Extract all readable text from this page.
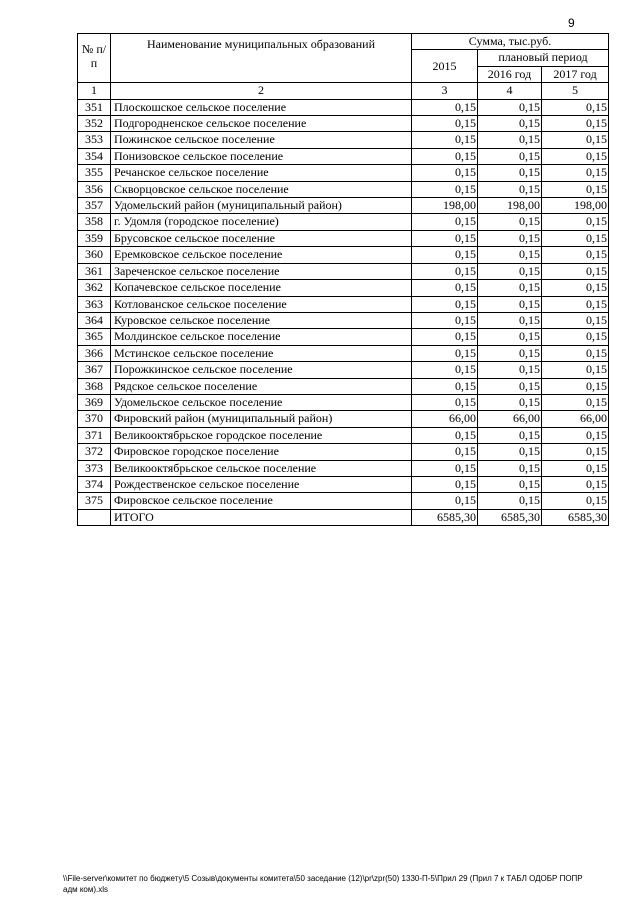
9
№ п/п	Наименование муниципальных образований	Сумма, тыс.руб.		
		2015	плановый период	
			2016 год	2017 год
1	2	3	4	5
351	Плоскошское сельское поселение	0,15	0,15	0,15
352	Подгородненское сельское поселение	0,15	0,15	0,15
353	Пожинское сельское поселение	0,15	0,15	0,15
354	Понизовское сельское поселение	0,15	0,15	0,15
355	Речанское сельское поселение	0,15	0,15	0,15
356	Скворцовское сельское поселение	0,15	0,15	0,15
357	Удомельский район (муниципальный район)	198,00	198,00	198,00
358	г. Удомля (городское поселение)	0,15	0,15	0,15
359	Брусовское сельское поселение	0,15	0,15	0,15
360	Еремковское сельское поселение	0,15	0,15	0,15
361	Зареченское сельское поселение	0,15	0,15	0,15
362	Копачевское сельское поселение	0,15	0,15	0,15
363	Котлованское сельское поселение	0,15	0,15	0,15
364	Куровское сельское поселение	0,15	0,15	0,15
365	Молдинское сельское поселение	0,15	0,15	0,15
366	Мстинское сельское поселение	0,15	0,15	0,15
367	Порожкинское сельское поселение	0,15	0,15	0,15
368	Рядское сельское поселение	0,15	0,15	0,15
369	Удомельское сельское поселение	0,15	0,15	0,15
370	Фировский район (муниципальный район)	66,00	66,00	66,00
371	Великооктябрьское городское поселение	0,15	0,15	0,15
372	Фировское городское поселение	0,15	0,15	0,15
373	Великооктябрьское сельское поселение	0,15	0,15	0,15
374	Рождественское сельское поселение	0,15	0,15	0,15
375	Фировское сельское поселение	0,15	0,15	0,15
	ИТОГО	6585,30	6585,30	6585,30
\\File-server\комитет по бюджету\5 Созыв\документы комитета\50 заседание (12)\pr\zpr(50) 1330-П-5\Прил 29 (Прил 7 к ТАБЛ ОДОБР ПОПР адм ком).xls
